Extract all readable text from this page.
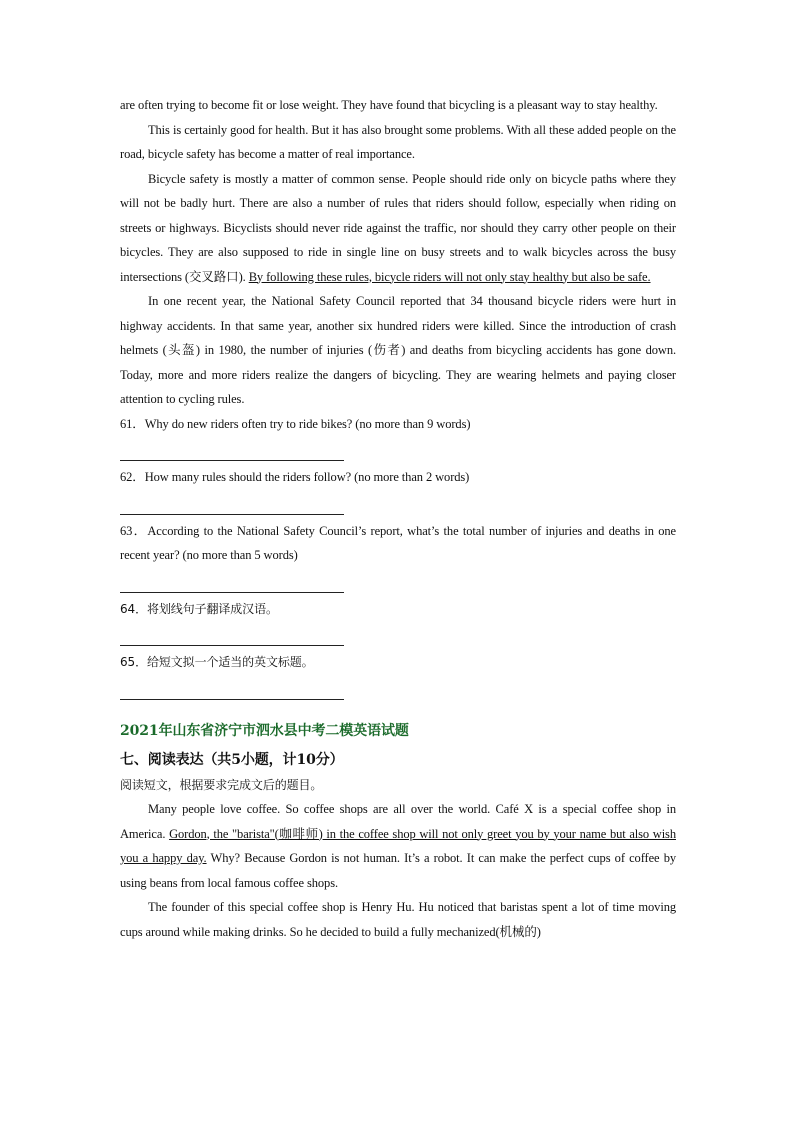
are often trying to become fit or lose weight. They have found that bicycling is a pleasant way to stay healthy.

This is certainly good for health. But it has also brought some problems. With all these added people on the road, bicycle safety has become a matter of real importance.

Bicycle safety is mostly a matter of common sense. People should ride only on bicycle paths where they will not be badly hurt. There are also a number of rules that riders should follow, especially when riding on streets or highways. Bicyclists should never ride against the traffic, nor should they carry other people on their bicycles. They are also supposed to ride in single line on busy streets and to walk bicycles across the busy intersections (交叉路口). By following these rules, bicycle riders will not only stay healthy but also be safe.

In one recent year, the National Safety Council reported that 34 thousand bicycle riders were hurt in highway accidents. In that same year, another six hundred riders were killed. Since the introduction of crash helmets (头盔) in 1980, the number of injuries (伤者) and deaths from bicycling accidents has gone down. Today, more and more riders realize the dangers of bicycling. They are wearing helmets and paying closer attention to cycling rules.

61．Why do new riders often try to ride bikes? (no more than 9 words)

62．How many rules should the riders follow? (no more than 2 words)

63．According to the National Safety Council’s report, what’s the total number of injuries and deaths in one recent year? (no more than 5 words)

64．将划线句子翻译成汉语。

65．给短文拟一个适当的英文标题。

2021年山东省济宁市泗水县中考二模英语试题
七、阅读表达（共5小题，计10分）

阅读短文，根据要求完成文后的题目。

Many people love coffee. So coffee shops are all over the world. Café X is a special coffee shop in America. Gordon, the "barista"(咖啡师) in the coffee shop will not only greet you by your name but also wish you a happy day. Why? Because Gordon is not human. It’s a robot. It can make the perfect cups of coffee by using beans from local famous coffee shops.

The founder of this special coffee shop is Henry Hu. Hu noticed that baristas spent a lot of time moving cups around while making drinks. So he decided to build a fully mechanized(机械的)
